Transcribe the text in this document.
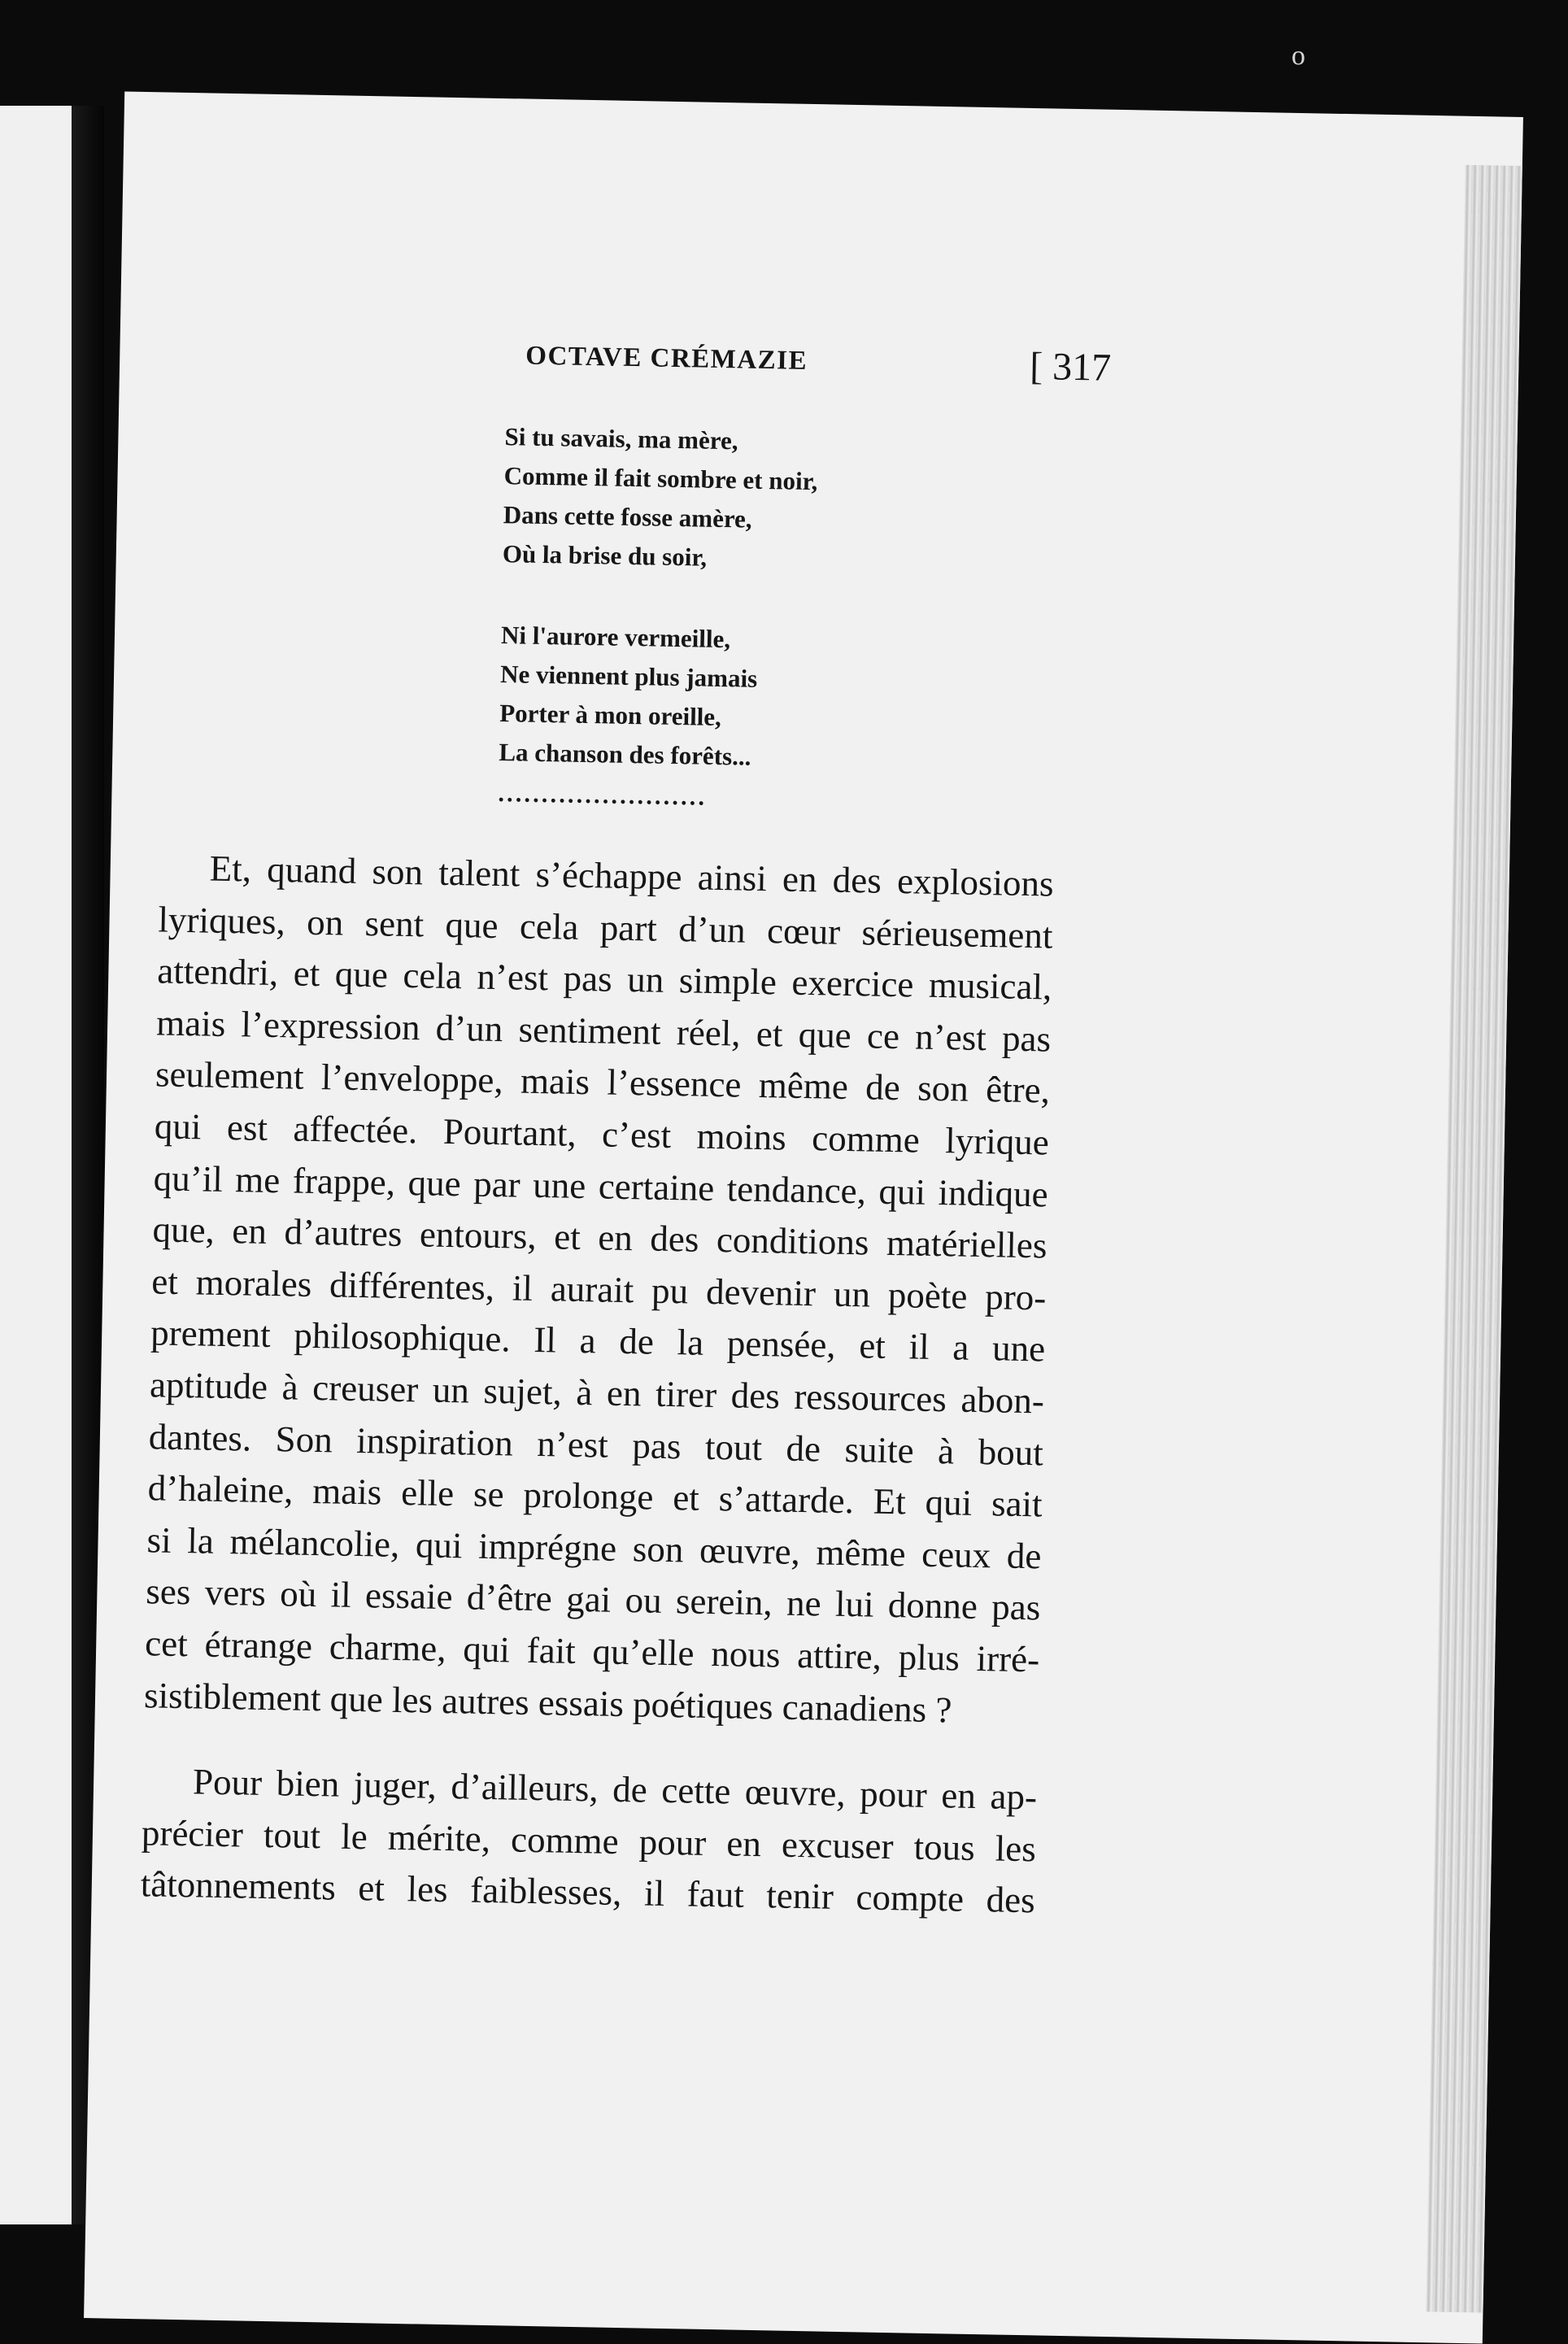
ο
OCTAVE CRÉMAZIE	[ 317
Si tu savais, ma mère,
Comme il fait sombre et noir,
Dans cette fosse amère,
Où la brise du soir,
Ni l'aurore vermeille,
Ne viennent plus jamais
Porter à mon oreille,
La chanson des forêts...
........................
Et, quand son talent s’échappe ainsi en des explosions
lyriques, on sent que cela part d’un cœur sérieusement
attendri, et que cela n’est pas un simple exercice musical,
mais l’expression d’un sentiment réel, et que ce n’est pas
seulement l’enveloppe, mais l’essence même de son être,
qui est affectée. Pourtant, c’est moins comme lyrique
qu’il me frappe, que par une certaine tendance, qui indique
que, en d’autres entours, et en des conditions matérielles
et morales différentes, il aurait pu devenir un poète pro-
prement philosophique. Il a de la pensée, et il a une
aptitude à creuser un sujet, à en tirer des ressources abon-
dantes. Son inspiration n’est pas tout de suite à bout
d’haleine, mais elle se prolonge et s’attarde. Et qui sait
si la mélancolie, qui imprégne son œuvre, même ceux de
ses vers où il essaie d’être gai ou serein, ne lui donne pas
cet étrange charme, qui fait qu’elle nous attire, plus irré-
sistiblement que les autres essais poétiques canadiens ?
Pour bien juger, d’ailleurs, de cette œuvre, pour en ap-
précier tout le mérite, comme pour en excuser tous les
tâtonnements et les faiblesses, il faut tenir compte des
